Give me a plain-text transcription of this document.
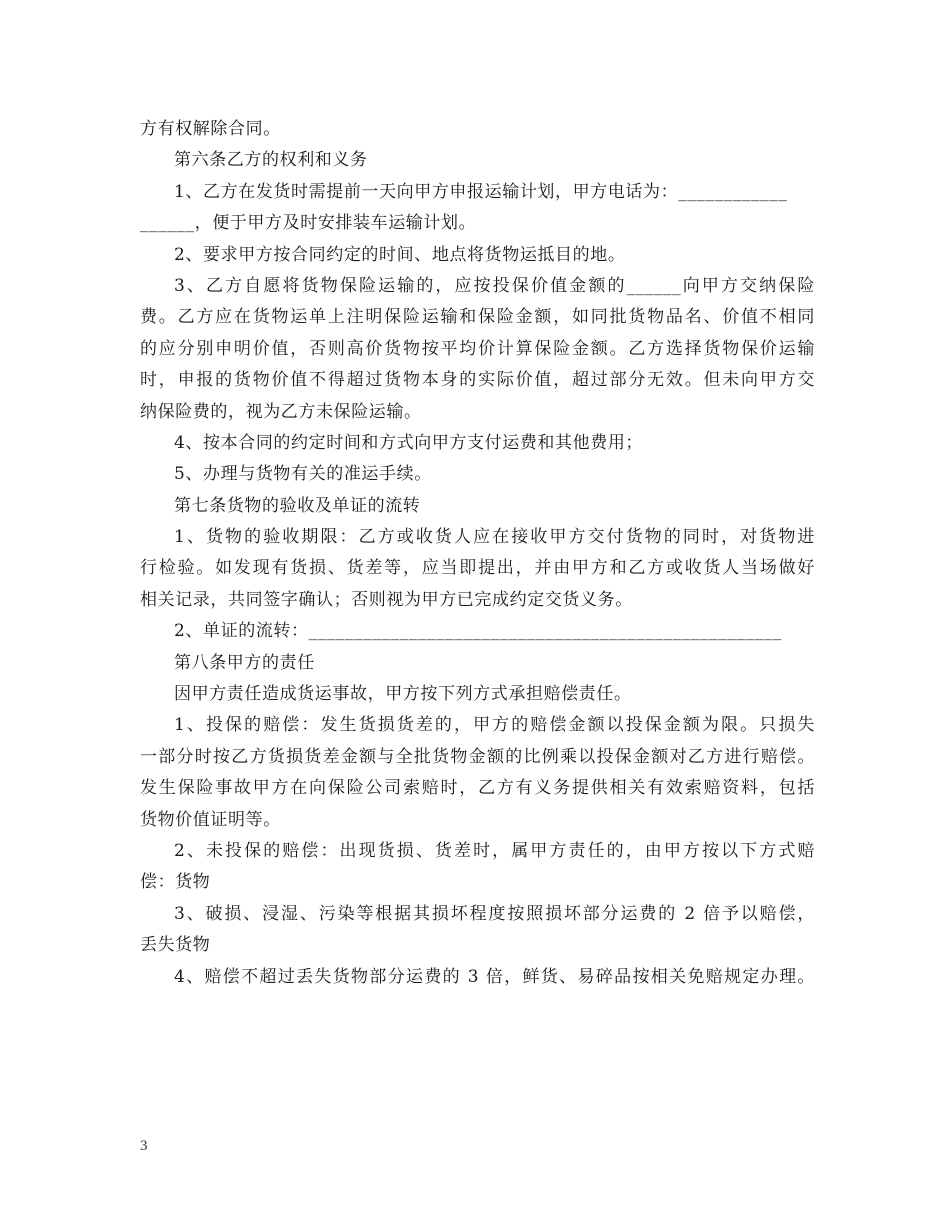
方有权解除合同。
第六条乙方的权利和义务
1、乙方在发货时需提前一天向甲方申报运输计划，甲方电话为：____________
______，便于甲方及时安排装车运输计划。
2、要求甲方按合同约定的时间、地点将货物运抵目的地。
3、乙方自愿将货物保险运输的，应按投保价值金额的______向甲方交纳保险
费。乙方应在货物运单上注明保险运输和保险金额，如同批货物品名、价值不相同
的应分别申明价值，否则高价货物按平均价计算保险金额。乙方选择货物保价运输
时，申报的货物价值不得超过货物本身的实际价值，超过部分无效。但未向甲方交
纳保险费的，视为乙方未保险运输。
4、按本合同的约定时间和方式向甲方支付运费和其他费用；
5、办理与货物有关的准运手续。
第七条货物的验收及单证的流转
1、货物的验收期限：乙方或收货人应在接收甲方交付货物的同时，对货物进
行检验。如发现有货损、货差等，应当即提出，并由甲方和乙方或收货人当场做好
相关记录，共同签字确认；否则视为甲方已完成约定交货义务。
2、单证的流转：____________________________________________________
第八条甲方的责任
因甲方责任造成货运事故，甲方按下列方式承担赔偿责任。
1、投保的赔偿：发生货损货差的，甲方的赔偿金额以投保金额为限。只损失
一部分时按乙方货损货差金额与全批货物金额的比例乘以投保金额对乙方进行赔偿。
发生保险事故甲方在向保险公司索赔时，乙方有义务提供相关有效索赔资料，包括
货物价值证明等。
2、未投保的赔偿：出现货损、货差时，属甲方责任的，由甲方按以下方式赔
偿：货物
3、破损、浸湿、污染等根据其损坏程度按照损坏部分运费的 2 倍予以赔偿，
丢失货物
4、赔偿不超过丢失货物部分运费的 3 倍，鲜货、易碎品按相关免赔规定办理。
3
